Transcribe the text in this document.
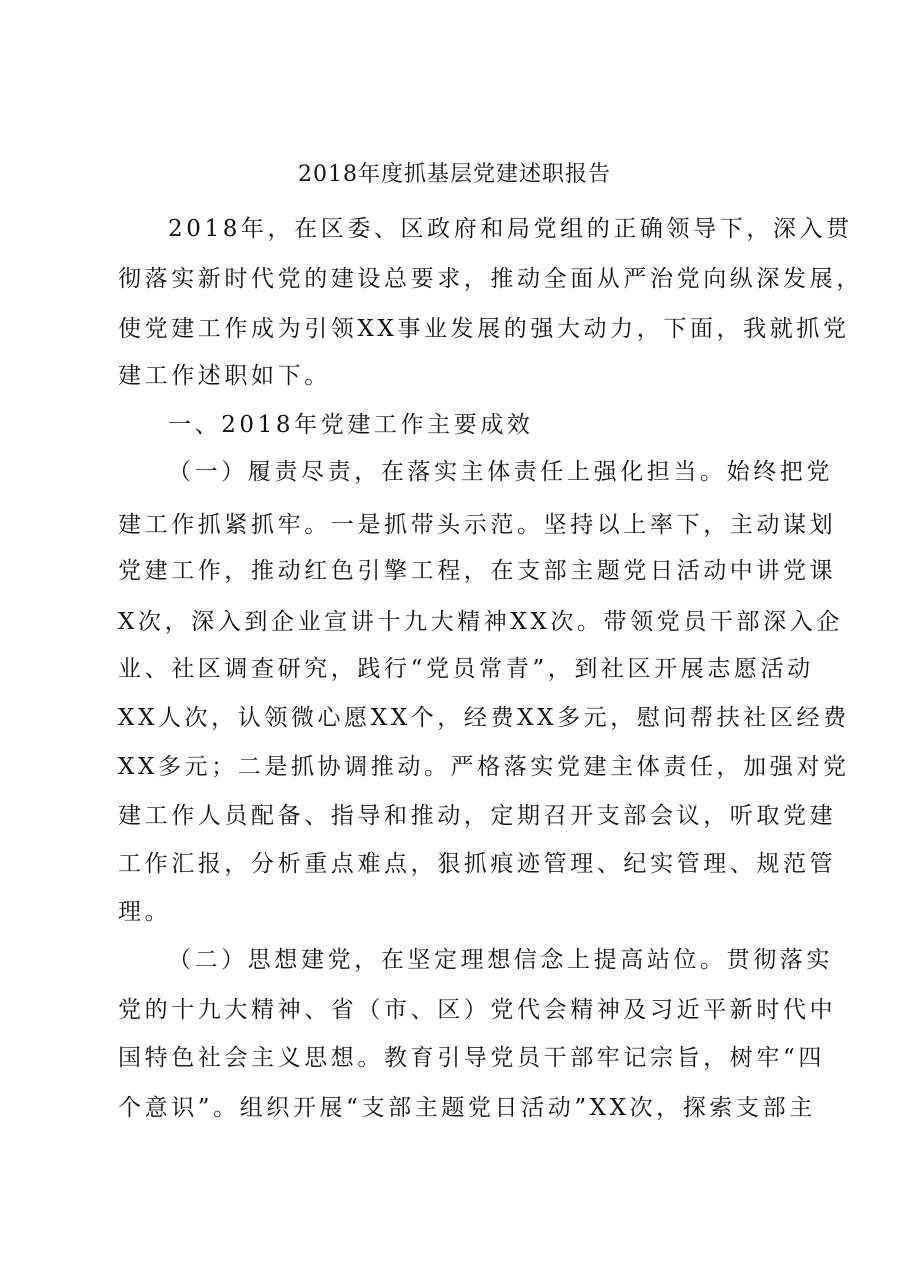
2018年度抓基层党建述职报告
2018年，在区委、区政府和局党组的正确领导下，深入贯
彻落实新时代党的建设总要求，推动全面从严治党向纵深发展，
使党建工作成为引领XX事业发展的强大动力，下面，我就抓党
建工作述职如下。
一、2018年党建工作主要成效
（一）履责尽责，在落实主体责任上强化担当。始终把党
建工作抓紧抓牢。一是抓带头示范。坚持以上率下，主动谋划
党建工作，推动红色引擎工程，在支部主题党日活动中讲党课
X次，深入到企业宣讲十九大精神XX次。带领党员干部深入企
业、社区调查研究，践行“党员常青”，到社区开展志愿活动
XX人次，认领微心愿XX个，经费XX多元，慰问帮扶社区经费
XX多元；二是抓协调推动。严格落实党建主体责任，加强对党
建工作人员配备、指导和推动，定期召开支部会议，听取党建
工作汇报，分析重点难点，狠抓痕迹管理、纪实管理、规范管
理。
（二）思想建党，在坚定理想信念上提高站位。贯彻落实
党的十九大精神、省（市、区）党代会精神及习近平新时代中
国特色社会主义思想。教育引导党员干部牢记宗旨，树牢“四
个意识”。组织开展“支部主题党日活动”XX次，探索支部主
